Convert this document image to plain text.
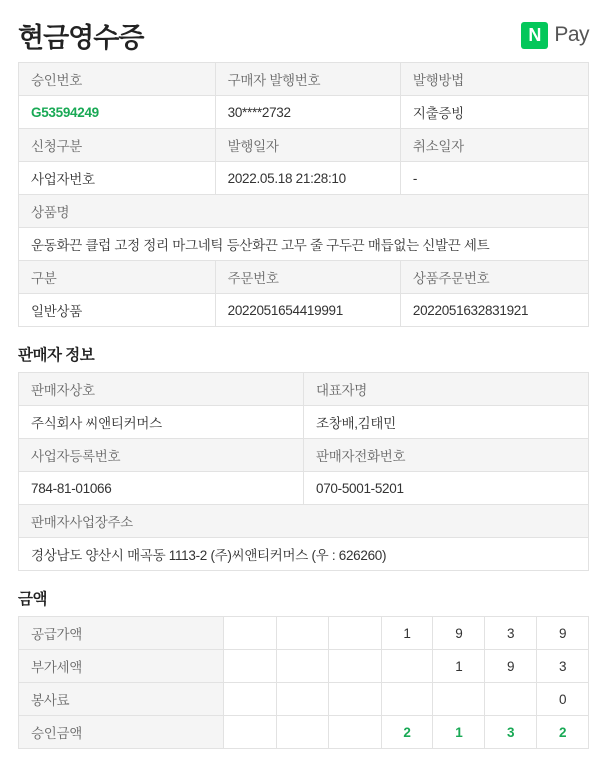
현금영수증	N Pay
승인번호	구매자 발행번호	발행방법
G53594249	30****2732	지출증빙
신청구분	발행일자	취소일자
사업자번호	2022.05.18 21:28:10	-
상품명		
운동화끈 클럽 고정 정리 마그네틱 등산화끈 고무 줄 구두끈 매듭없는 신발끈 세트		
구분	주문번호	상품주문번호
일반상품	2022051654419991	2022051632831921
판매자 정보
판매자상호	대표자명
주식회사 씨앤티커머스	조창배,김태민
사업자등록번호	판매자전화번호
784-81-01066	070-5001-5201
판매자사업장주소	
경상남도 양산시 매곡동 1113-2 (주)씨앤티커머스 (우 : 626260)	
금액
공급가액				1	9	3	9
부가세액					1	9	3
봉사료							0
승인금액				2	1	3	2
